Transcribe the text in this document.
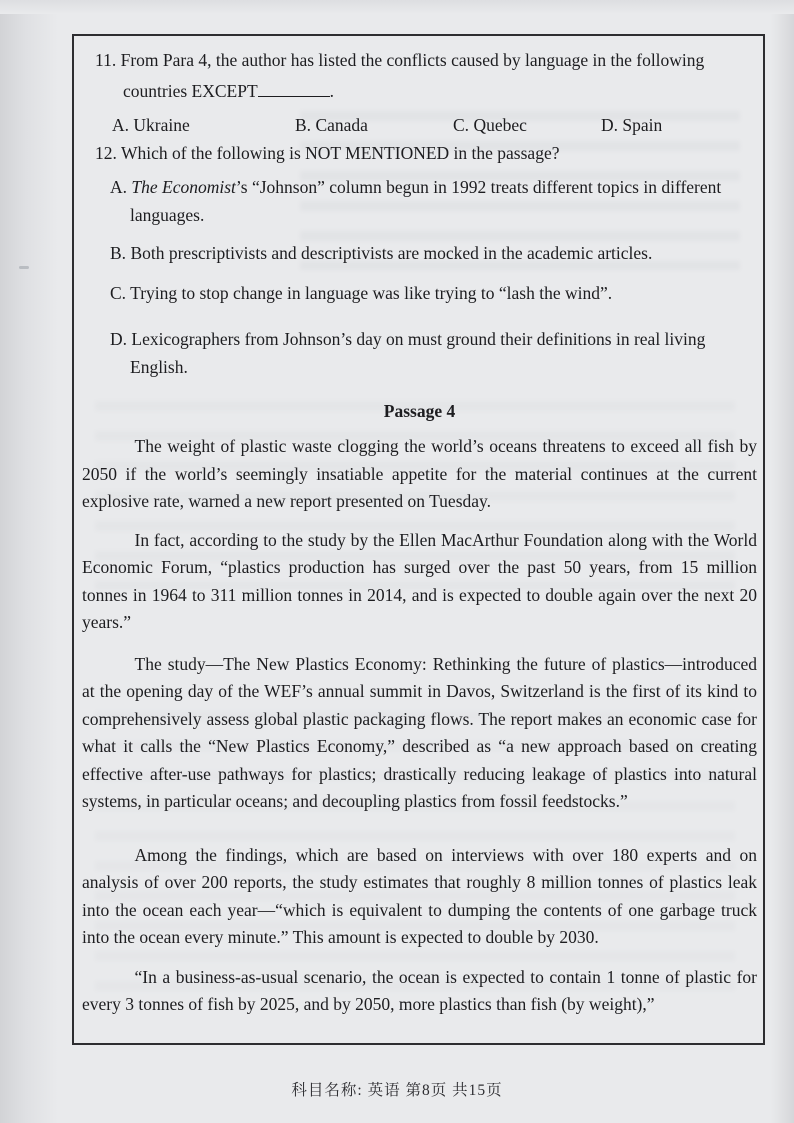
11. From Para 4, the author has listed the conflicts caused by language in the following
countries EXCEPT	.
A. Ukraine	B. Canada	C. Quebec	D. Spain
12. Which of the following is NOT MENTIONED in the passage?
A. The Economist’s “Johnson” column begun in 1992 treats different topics in different languages.
B. Both prescriptivists and descriptivists are mocked in the academic articles.
C. Trying to stop change in language was like trying to “lash the wind”.
D. Lexicographers from Johnson’s day on must ground their definitions in real living English.
Passage 4

The weight of plastic waste clogging the world’s oceans threatens to exceed all fish by 2050 if the world’s seemingly insatiable appetite for the material continues at the current explosive rate, warned a new report presented on Tuesday.

In fact, according to the study by the Ellen MacArthur Foundation along with the World Economic Forum, “plastics production has surged over the past 50 years, from 15 million tonnes in 1964 to 311 million tonnes in 2014, and is expected to double again over the next 20 years.”

The study—The New Plastics Economy: Rethinking the future of plastics—introduced at the opening day of the WEF’s annual summit in Davos, Switzerland is the first of its kind to comprehensively assess global plastic packaging flows. The report makes an economic case for what it calls the “New Plastics Economy,” described as “a new approach based on creating effective after-use pathways for plastics; drastically reducing leakage of plastics into natural systems, in particular oceans; and decoupling plastics from fossil feedstocks.”

Among the findings, which are based on interviews with over 180 experts and on analysis of over 200 reports, the study estimates that roughly 8 million tonnes of plastics leak into the ocean each year—“which is equivalent to dumping the contents of one garbage truck into the ocean every minute.” This amount is expected to double by 2030.

“In a business-as-usual scenario, the ocean is expected to contain 1 tonne of plastic for every 3 tonnes of fish by 2025, and by 2050, more plastics than fish (by weight),”

科目名称: 英语 第8页 共15页
